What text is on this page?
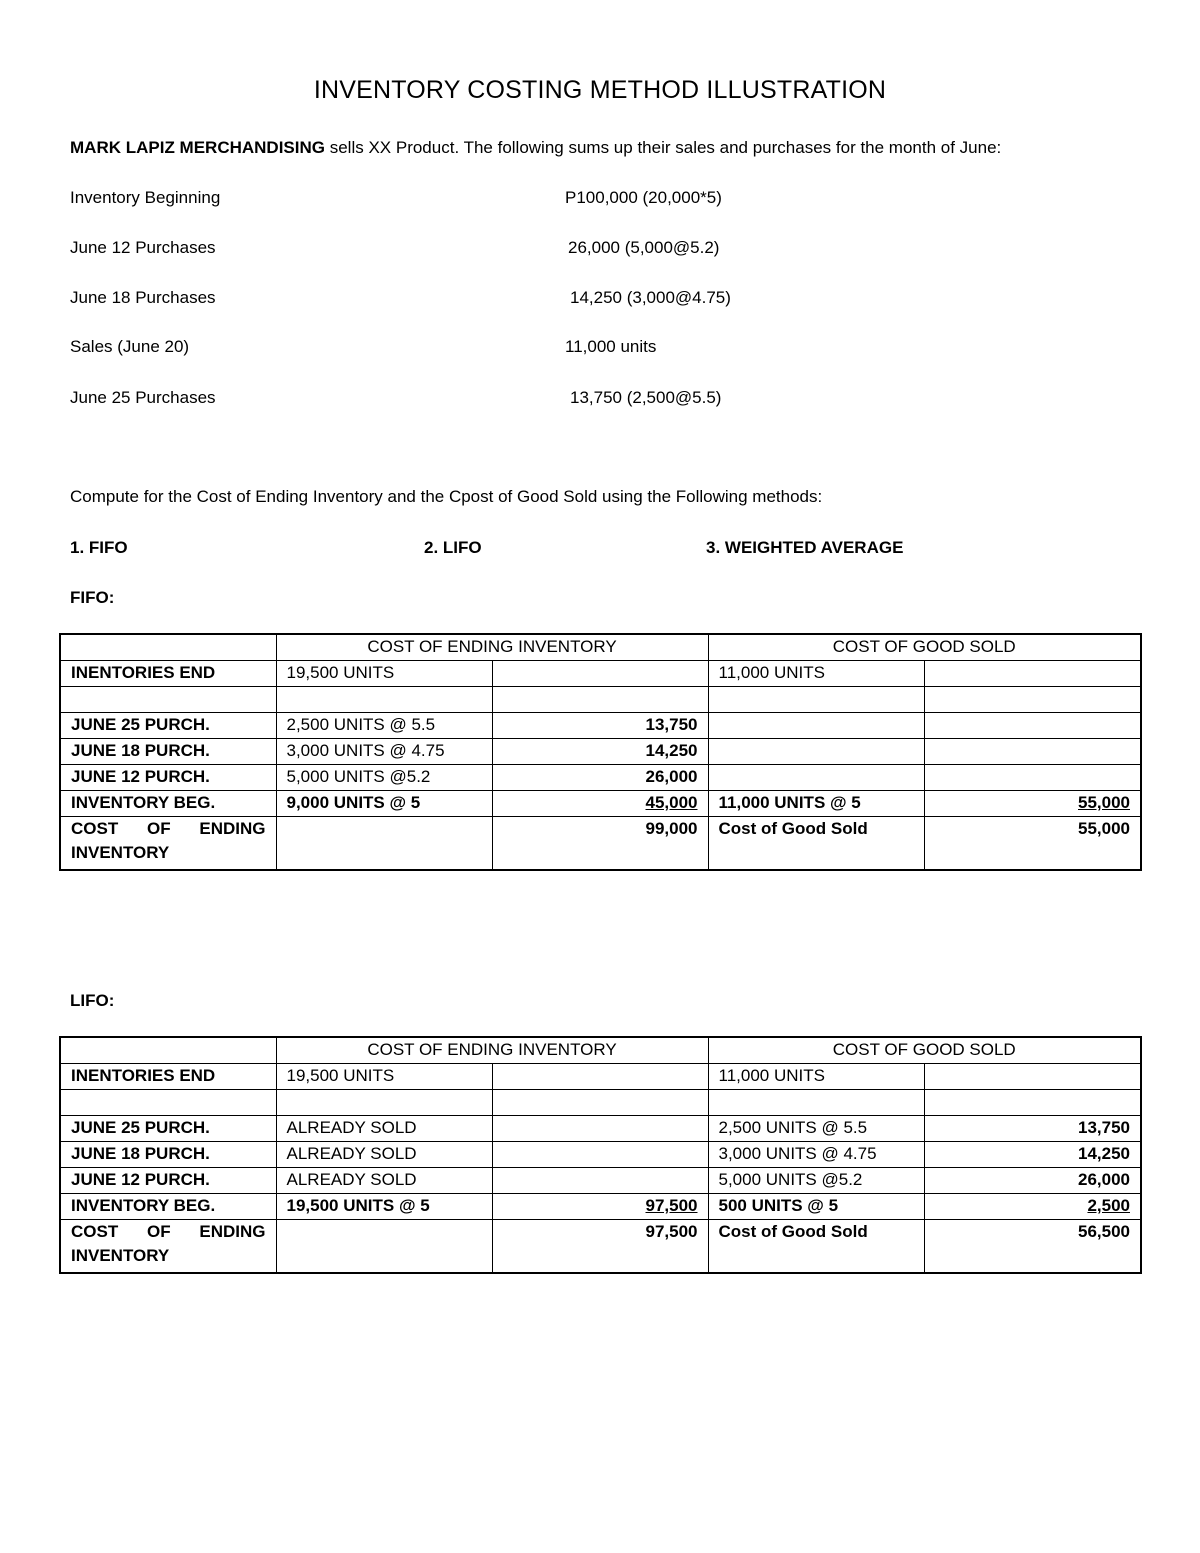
INVENTORY COSTING METHOD ILLUSTRATION
MARK LAPIZ MERCHANDISING sells XX Product. The following sums up their sales and purchases for the month of June:
Inventory Beginning	P100,000 (20,000*5)
June 12 Purchases	26,000 (5,000@5.2)
June 18 Purchases	14,250 (3,000@4.75)
Sales (June 20)	11,000 units
June 25 Purchases	13,750 (2,500@5.5)
Compute for the Cost of Ending Inventory and the Cpost of Good Sold using the Following methods:
1. FIFO	2. LIFO	3. WEIGHTED AVERAGE
FIFO:
	COST OF ENDING INVENTORY		COST OF GOOD SOLD	
INENTORIES END	19,500 UNITS		11,000 UNITS	

JUNE 25 PURCH.	2,500 UNITS @ 5.5	13,750		
JUNE 18 PURCH.	3,000 UNITS @ 4.75	14,250		
JUNE 12 PURCH.	5,000 UNITS @5.2	26,000		
INVENTORY BEG.	9,000 UNITS @ 5	45,000	11,000 UNITS @ 5	55,000

COST OF ENDING INVENTORY		99,000	Cost of Good Sold	55,000
LIFO:
	COST OF ENDING INVENTORY		COST OF GOOD SOLD	
INENTORIES END	19,500 UNITS		11,000 UNITS	

JUNE 25 PURCH.	ALREADY SOLD		2,500 UNITS @ 5.5	13,750
JUNE 18 PURCH.	ALREADY SOLD		3,000 UNITS @ 4.75	14,250
JUNE 12 PURCH.	ALREADY SOLD		5,000 UNITS @5.2	26,000
INVENTORY BEG.	19,500 UNITS @ 5	97,500	500 UNITS @ 5	2,500

COST OF ENDING INVENTORY		97,500	Cost of Good Sold	56,500
